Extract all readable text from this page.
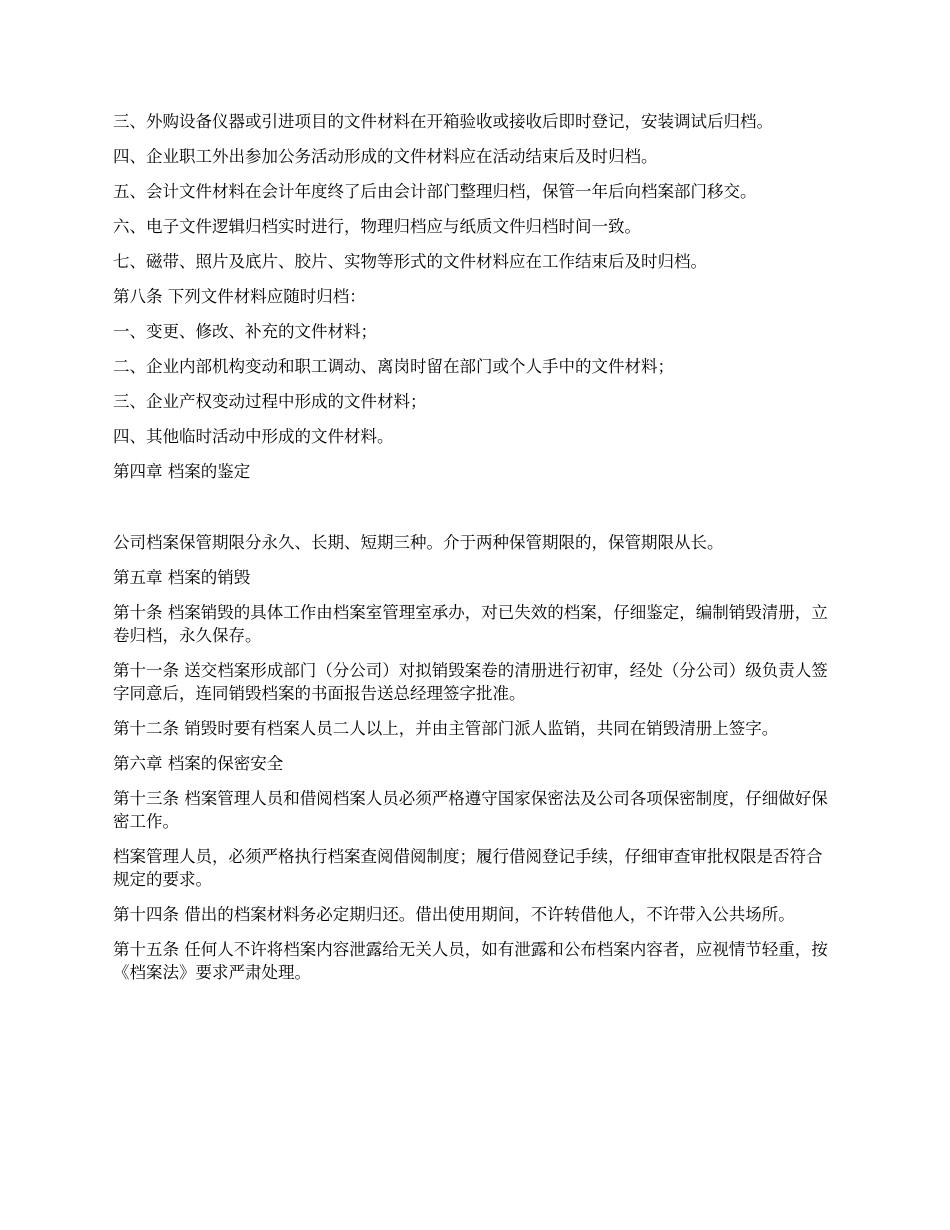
三、外购设备仪器或引进项目的文件材料在开箱验收或接收后即时登记，安装调试后归档。

四、企业职工外出参加公务活动形成的文件材料应在活动结束后及时归档。

五、会计文件材料在会计年度终了后由会计部门整理归档，保管一年后向档案部门移交。

六、电子文件逻辑归档实时进行，物理归档应与纸质文件归档时间一致。

七、磁带、照片及底片、胶片、实物等形式的文件材料应在工作结束后及时归档。

第八条 下列文件材料应随时归档：

一、变更、修改、补充的文件材料；

二、企业内部机构变动和职工调动、离岗时留在部门或个人手中的文件材料；

三、企业产权变动过程中形成的文件材料；

四、其他临时活动中形成的文件材料。

第四章 档案的鉴定

公司档案保管期限分永久、长期、短期三种。介于两种保管期限的，保管期限从长。

第五章 档案的销毁

第十条 档案销毁的具体工作由档案室管理室承办，对已失效的档案，仔细鉴定，编制销毁清册，立卷归档，永久保存。

第十一条 送交档案形成部门（分公司）对拟销毁案卷的清册进行初审，经处（分公司）级负责人签字同意后，连同销毁档案的书面报告送总经理签字批准。

第十二条 销毁时要有档案人员二人以上，并由主管部门派人监销，共同在销毁清册上签字。

第六章 档案的保密安全

第十三条 档案管理人员和借阅档案人员必须严格遵守国家保密法及公司各项保密制度，仔细做好保密工作。

档案管理人员，必须严格执行档案查阅借阅制度；履行借阅登记手续，仔细审查审批权限是否符合规定的要求。

第十四条 借出的档案材料务必定期归还。借出使用期间，不许转借他人，不许带入公共场所。

第十五条 任何人不许将档案内容泄露给无关人员，如有泄露和公布档案内容者，应视情节轻重，按《档案法》要求严肃处理。
